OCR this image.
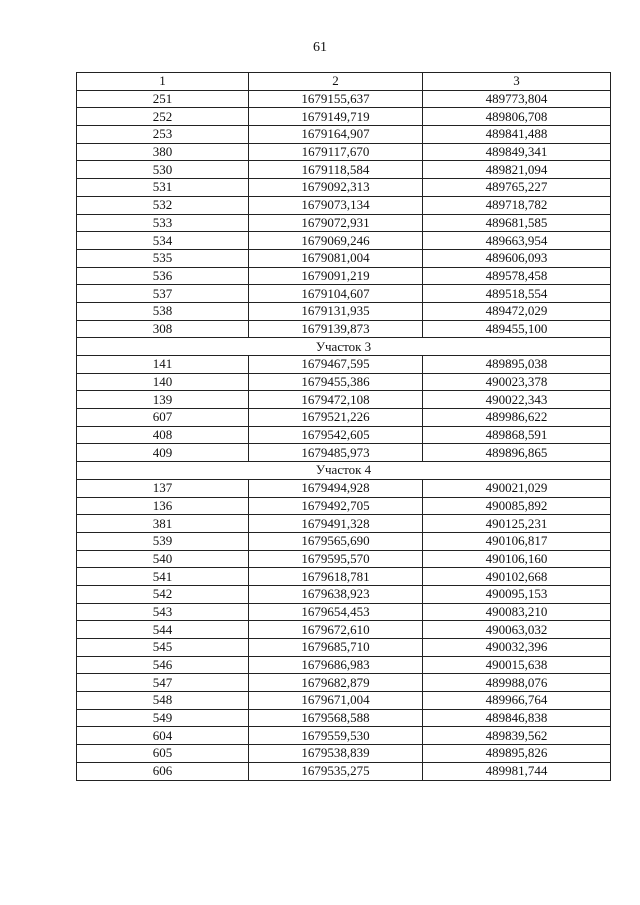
61
1	2	3
251	1679155,637	489773,804
252	1679149,719	489806,708
253	1679164,907	489841,488
380	1679117,670	489849,341
530	1679118,584	489821,094
531	1679092,313	489765,227
532	1679073,134	489718,782
533	1679072,931	489681,585
534	1679069,246	489663,954
535	1679081,004	489606,093
536	1679091,219	489578,458
537	1679104,607	489518,554
538	1679131,935	489472,029
308	1679139,873	489455,100
Участок 3		
141	1679467,595	489895,038
140	1679455,386	490023,378
139	1679472,108	490022,343
607	1679521,226	489986,622
408	1679542,605	489868,591
409	1679485,973	489896,865
Участок 4		
137	1679494,928	490021,029
136	1679492,705	490085,892
381	1679491,328	490125,231
539	1679565,690	490106,817
540	1679595,570	490106,160
541	1679618,781	490102,668
542	1679638,923	490095,153
543	1679654,453	490083,210
544	1679672,610	490063,032
545	1679685,710	490032,396
546	1679686,983	490015,638
547	1679682,879	489988,076
548	1679671,004	489966,764
549	1679568,588	489846,838
604	1679559,530	489839,562
605	1679538,839	489895,826
606	1679535,275	489981,744
